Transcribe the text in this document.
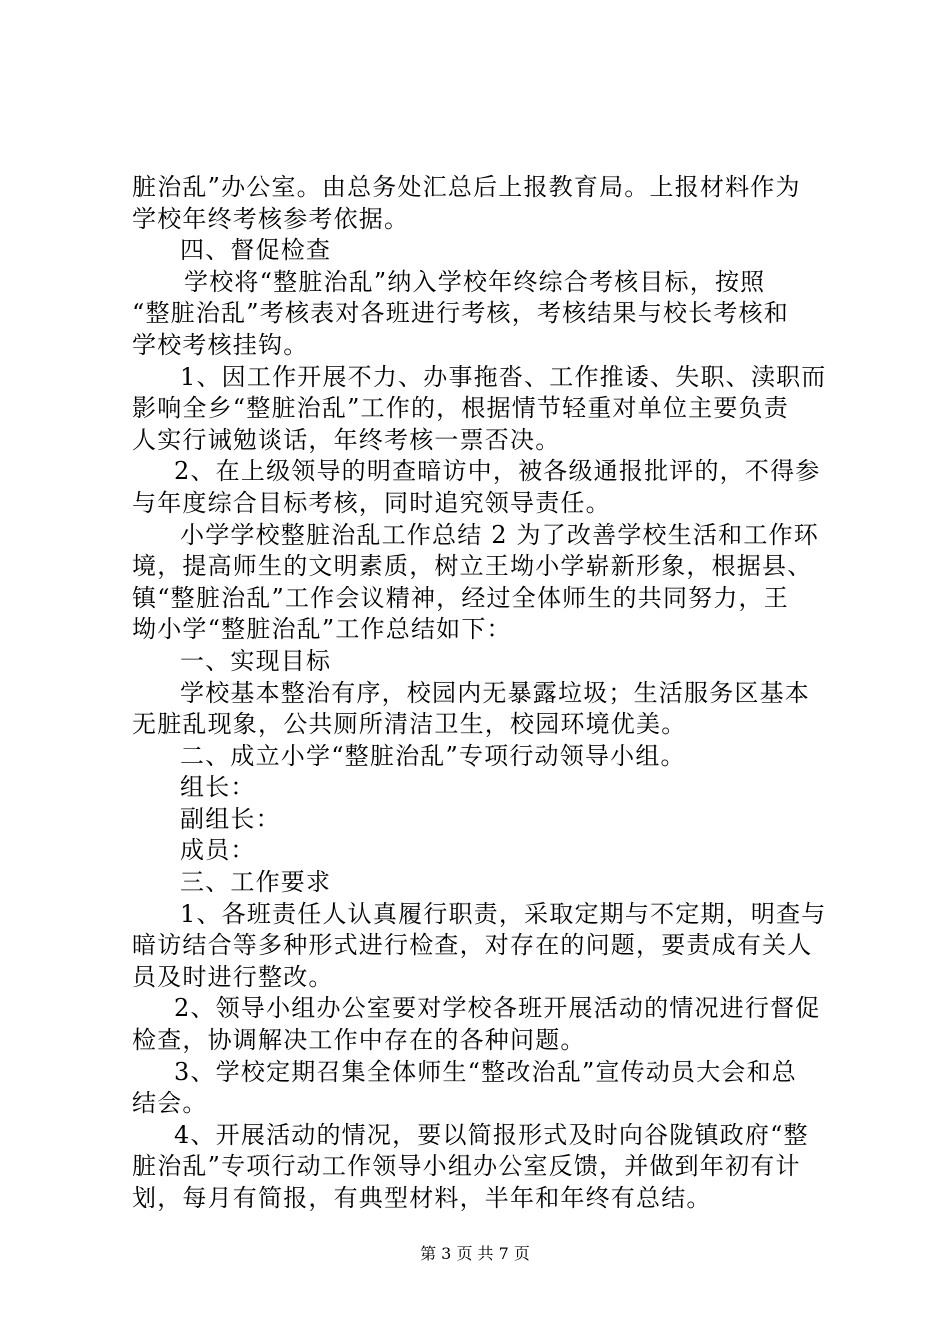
脏治乱”办公室。由总务处汇总后上报教育局。上报材料作为
学校年终考核参考依据。
四、督促检查
学校将“整脏治乱”纳入学校年终综合考核目标，按照
“整脏治乱”考核表对各班进行考核，考核结果与校长考核和
学校考核挂钩。
1、因工作开展不力、办事拖沓、工作推诿、失职、渎职而
影响全乡“整脏治乱”工作的，根据情节轻重对单位主要负责
人实行诫勉谈话，年终考核一票否决。
2、在上级领导的明查暗访中，被各级通报批评的，不得参
与年度综合目标考核，同时追究领导责任。
小学学校整脏治乱工作总结 2 为了改善学校生活和工作环
境，提高师生的文明素质，树立王坳小学崭新形象，根据县、
镇“整脏治乱”工作会议精神，经过全体师生的共同努力，王
坳小学“整脏治乱”工作总结如下：
一、实现目标
学校基本整治有序，校园内无暴露垃圾；生活服务区基本
无脏乱现象，公共厕所清洁卫生，校园环境优美。
二、成立小学“整脏治乱”专项行动领导小组。
组长：
副组长：
成员：
三、工作要求
1、各班责任人认真履行职责，采取定期与不定期，明查与
暗访结合等多种形式进行检查，对存在的问题，要责成有关人
员及时进行整改。
2、领导小组办公室要对学校各班开展活动的情况进行督促
检查，协调解决工作中存在的各种问题。
3、学校定期召集全体师生“整改治乱”宣传动员大会和总
结会。
4、开展活动的情况，要以简报形式及时向谷陇镇政府“整
脏治乱”专项行动工作领导小组办公室反馈，并做到年初有计
划，每月有简报，有典型材料，半年和年终有总结。
第 3 页 共 7 页
